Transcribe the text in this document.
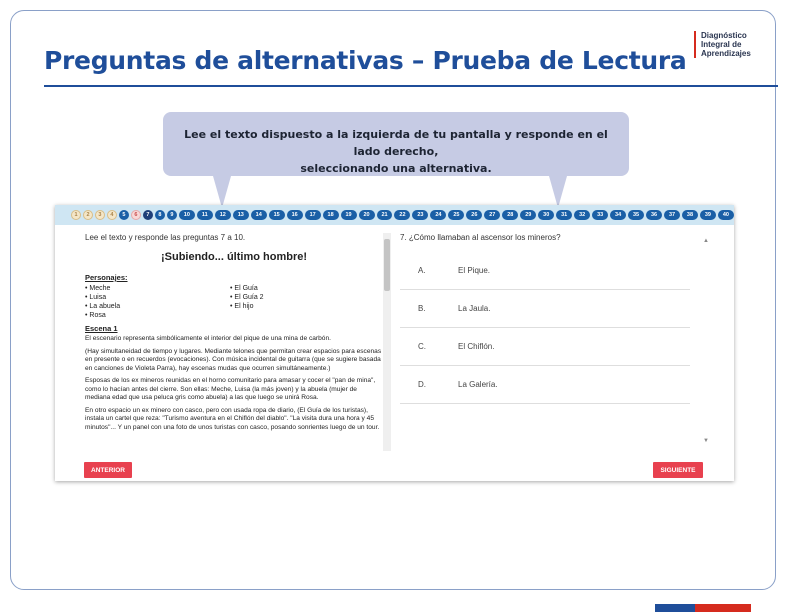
Preguntas de alternativas – Prueba de Lectura
Diagnóstico
Integral de
Aprendizajes
Lee el texto dispuesto a la izquierda de tu pantalla y responde en el lado derecho,
seleccionando una alternativa.
1	2	3	4	5	6	7	8	9	10	11	12	13	14	15	16	17	18	19	20	21	22	23	24	25	26	27	28	29	30	31	32	33	34	35	36	37	38	39	40
Lee el texto y responde las preguntas 7 a 10.
¡Subiendo... último hombre!
Personajes:
• Meche
• Luisa
• La abuela
• Rosa
• El Guía
• El Guía 2
• El hijo
Escena 1
El escenario representa simbólicamente el interior del pique de una mina de carbón.
(Hay simultaneidad de tiempo y lugares. Mediante telones que permitan crear espacios para escenas en presente o en recuerdos (evocaciones). Con música incidental de guitarra (que se sugiere basada en canciones de Violeta Parra), hay escenas mudas que ocurren simultáneamente.)
Esposas de los ex mineros reunidas en el horno comunitario para amasar y cocer el "pan de mina", como lo hacían antes del cierre. Son ellas: Meche, Luisa (la más joven) y la abuela (mujer de mediana edad que usa peluca gris como abuela) a las que luego se unirá Rosa.
En otro espacio un ex minero con casco, pero con usada ropa de diario, (El Guía de los turistas), instala un cartel que reza: "Turismo aventura en el Chiflón del diablo". "La visita dura una hora y 45 minutos"... Y un panel con una foto de unos turistas con casco, posando sonrientes luego de un tour.
7. ¿Cómo llamaban al ascensor los mineros?
A.	El Pique.
B.	La Jaula.
C.	El Chiflón.
D.	La Galería.
▲
▼
ANTERIOR	SIGUIENTE
